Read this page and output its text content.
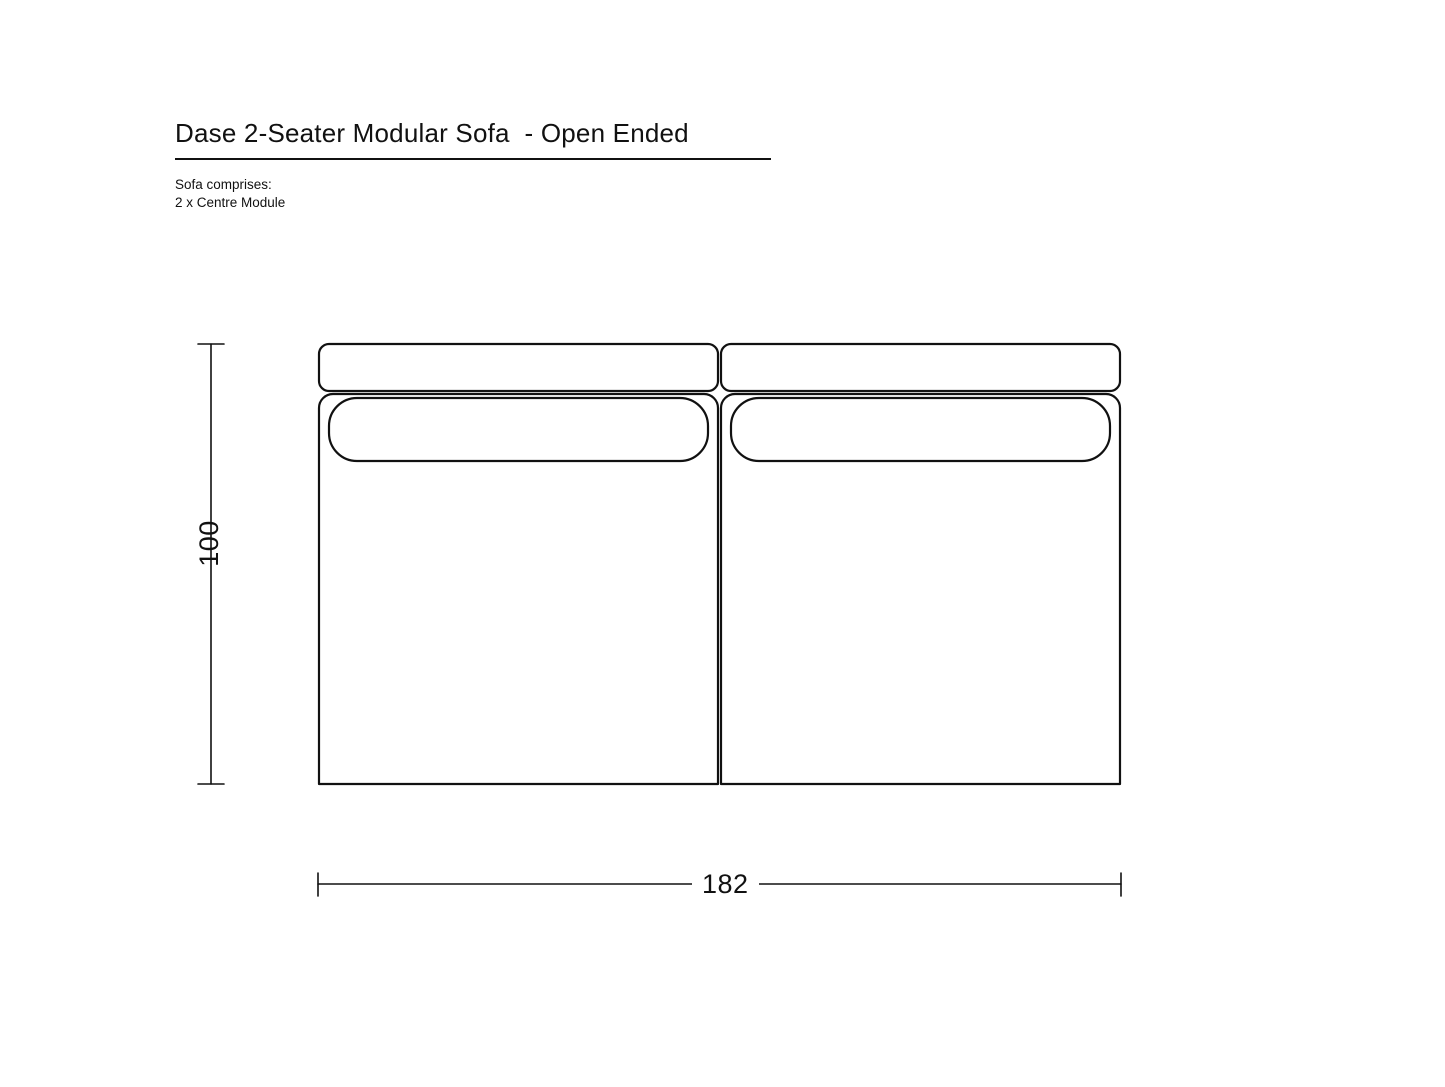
Dase 2-Seater Modular Sofa  - Open Ended
Sofa comprises:
2 x Centre Module
100
182
